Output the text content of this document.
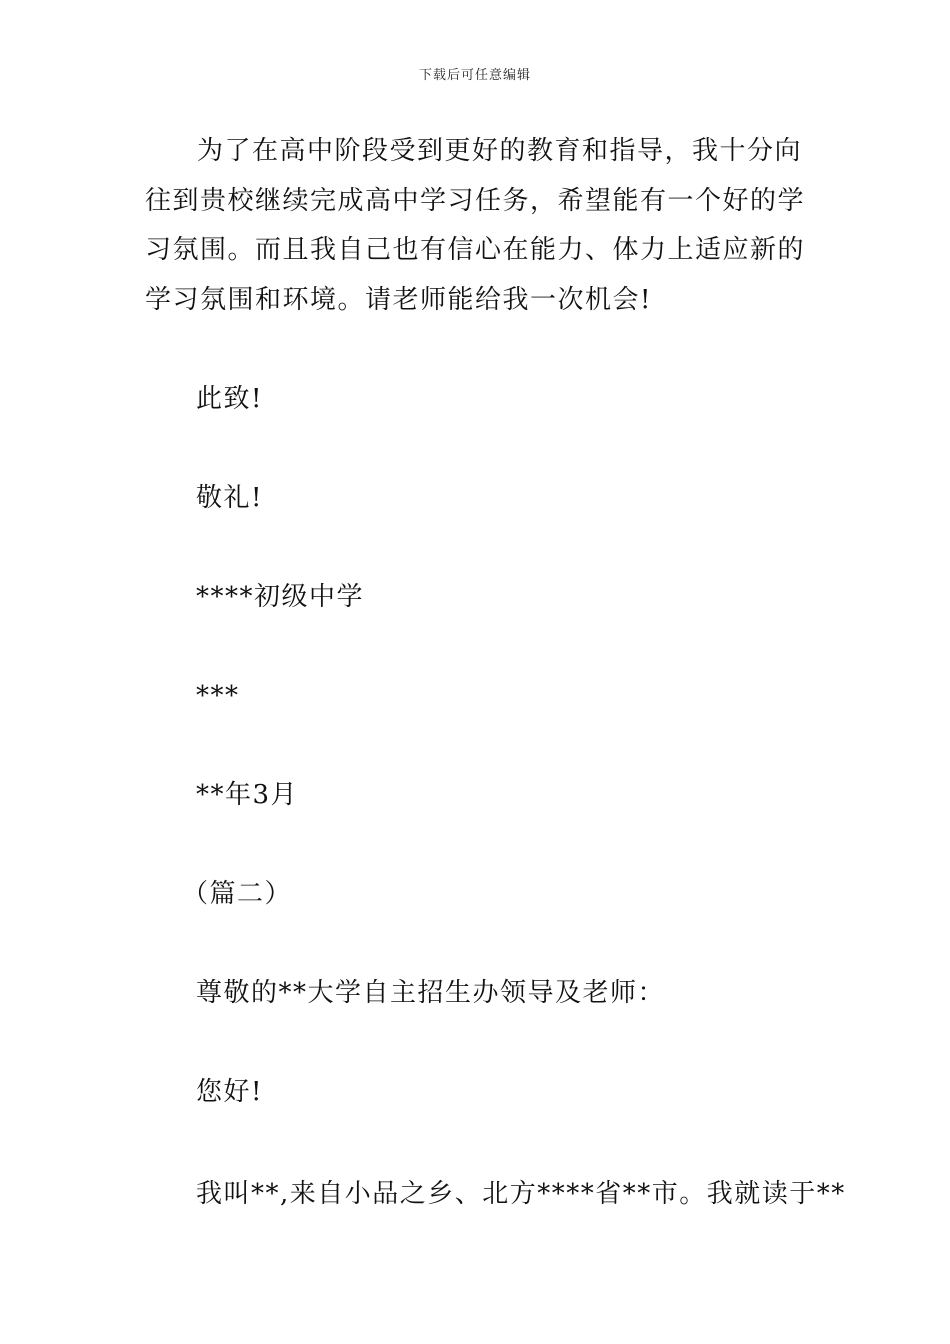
下载后可任意编辑
为了在高中阶段受到更好的教育和指导，我十分向往到贵校继续完成高中学习任务，希望能有一个好的学习氛围。而且我自己也有信心在能力、体力上适应新的学习氛围和环境。请老师能给我一次机会!
此致!
敬礼!
****初级中学
***
**年3月
（篇二）
尊敬的**大学自主招生办领导及老师：
您好!
我叫**,来自小品之乡、北方****省**市。我就读于**
